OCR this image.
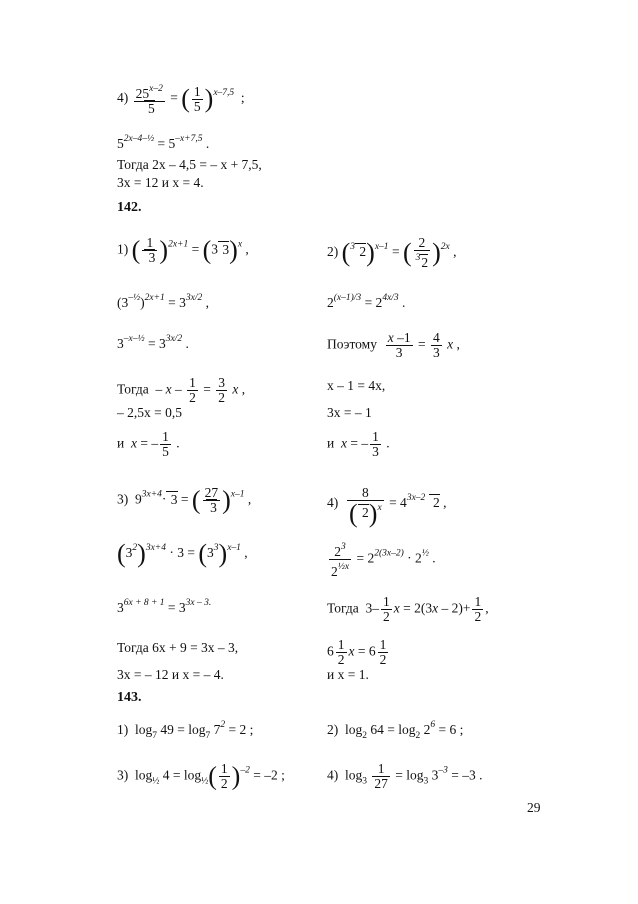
$4) \frac{25^{x-2}}{5}$ = ( $\frac{1}{5} )^{x-7,5}$  ;
$5^{2x-4-\frac{1}{2}} = 5^{-x+7,5}$ .
Тогда 2x – 4,5 = – x + 7,5,
3x = 12 и x = 4.
142.
1) ( $\frac{1}{3} )^{2x+1} = (3$ 3)$^x$ ,
$(3^{-\frac{1}{2}})^{2x+1} = 3^{3x/2}$ ,
$3^{-x-\frac{1}{2}} = 3^{3x/2}$ .
Тогда  – $x - \frac{1}{2} = \frac{3}{2}$ x ,
– 2,5x = 0,5
и  x = – $\frac{1}{5}$ .
2) ($^3$ 2)$^{x-1}$ = ( $\frac{2}{^32} )^{2x}$ ,
$2^{(x-1)/3} = 2^{4x/3}$ .
Поэтому $\frac{x -1}{3} = \frac{4}{3}$ x ,
x – 1 = 4x,
3x = – 1
и  x = – $\frac{1}{3}$ .
3)  $9^{3x+4}\cdot 3$ = ( $\frac{27}{3} )^{x-1}$ ,
$(3^2)^{3x+4} \cdot 3 = (3^3)^{x-1}$ ,
$3^{6x + 8 + 1} = 3^{3x - 3.}$
Тогда 6x + 9 = 3x – 3,
3x = – 12 и x = – 4.
$4) \frac{8}{( 2)^x} = 4^{3x-2}$  2 ,
$\frac{2^3}{2^{\frac{1}{2}x}} = 2^{2(3x-2)} \cdot 2^{\frac{1}{2}}$ .
Тогда  $3- \frac{1}{2}$ $x = 2(3x - 2)+ \frac{1}{2}$ ,
$6 \frac{1}{2}$ $x = 6 \frac{1}{2}$
и x = 1.
143.
1)  $\log_7 49 = \log_7 7^2 = 2$ ;	2)  $\log_2 64 = \log_2 2^6 = 6$ ;
3)  $\log_{\frac{1}{2}} 4 = \log_{\frac{1}{2}}( \frac{1}{2} )^{-2} = -2$ ;	4)  $\log_3 \frac{1}{27} = \log_3 3^{-3} = -3$ .
29
